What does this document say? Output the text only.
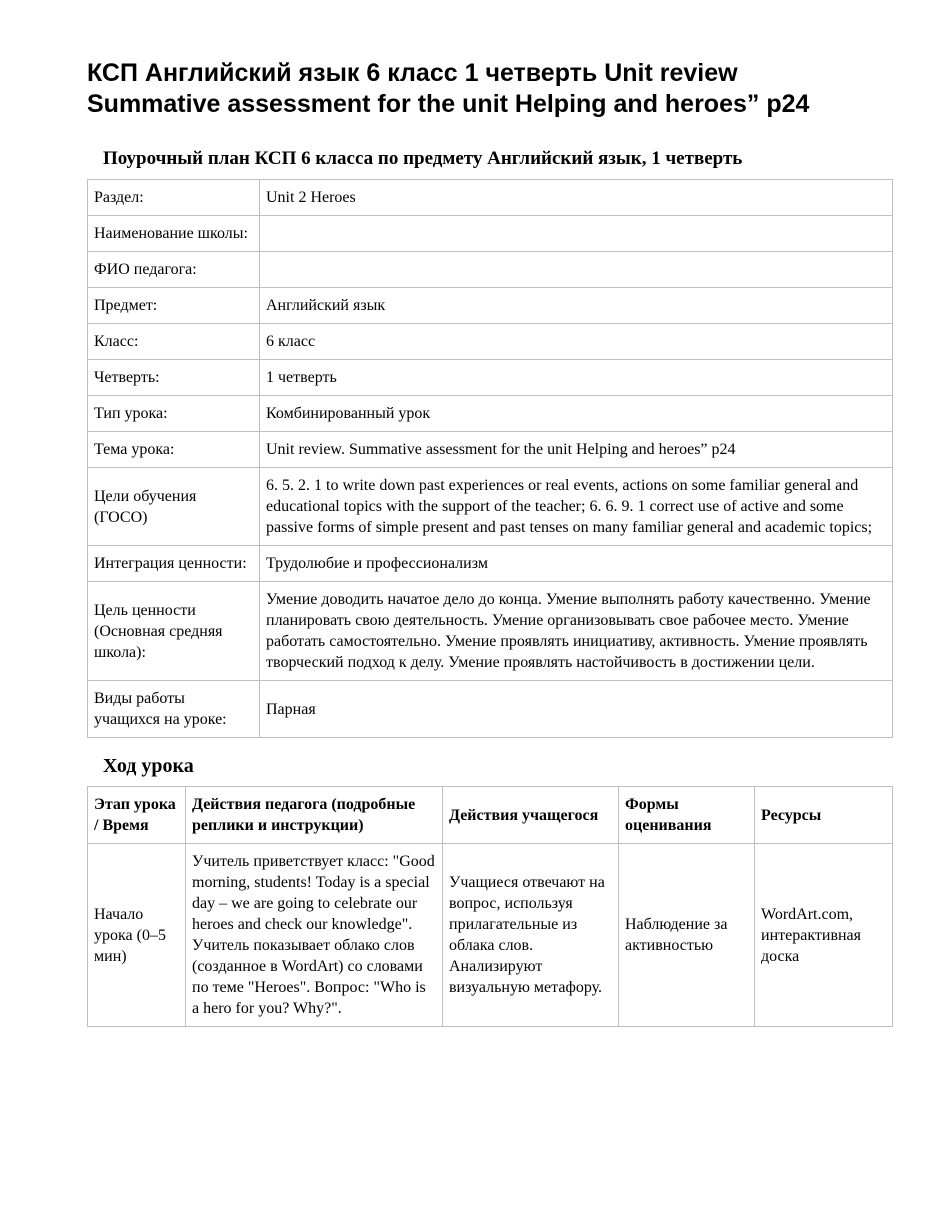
КСП Английский язык 6 класс 1 четверть Unit review
Summative assessment for the unit Helping and heroes” p24
Поурочный план КСП 6 класса по предмету Английский язык, 1 четверть
Раздел:	Unit 2 Heroes
Наименование школы:	
ФИО педагога:	
Предмет:	Английский язык
Класс:	6 класс
Четверть:	1 четверть
Тип урока:	Комбинированный урок
Тема урока:	Unit review. Summative assessment for the unit Helping and heroes” p24
Цели обучения (ГОСО)	6. 5. 2. 1 to write down past experiences or real events, actions on some familiar general and educational topics with the support of the teacher; 6. 6. 9. 1 correct use of active and some passive forms of simple present and past tenses on many familiar general and academic topics;
Интеграция ценности:	Трудолюбие и профессионализм
Цель ценности (Основная средняя школа):	Умение доводить начатое дело до конца. Умение выполнять работу качественно. Умение планировать свою деятельность. Умение организовывать свое рабочее место. Умение работать самостоятельно. Умение проявлять инициативу, активность. Умение проявлять творческий подход к делу. Умение проявлять настойчивость в достижении цели.
Виды работы учащихся на уроке:	Парная
Ход урока
Этап урока / Время	Действия педагога (подробные реплики и инструкции)	Действия учащегося	Формы оценивания	Ресурсы
Начало урока (0–5 мин)	Учитель приветствует класс: "Good morning, students! Today is a special day – we are going to celebrate our heroes and check our knowledge". Учитель показывает облако слов (созданное в WordArt) со словами по теме "Heroes". Вопрос: "Who is a hero for you? Why?".	Учащиеся отвечают на вопрос, используя прилагательные из облака слов. Анализируют визуальную метафору.	Наблюдение за активностью	WordArt.com, интерактивная доска
